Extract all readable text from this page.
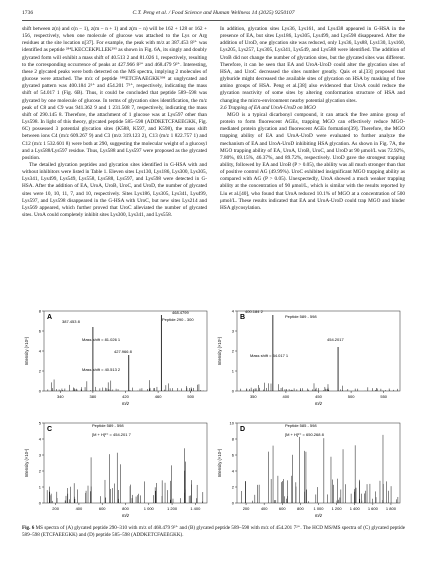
1736	C.T. Peng et al. / Food Science and Human Wellness 14 (2025) 9250107

shift between z(n) and c(n − 1), z(m − n + 1) and z(m − n) will be 162 + 128 or 162 + 156, respectively, when one molecule of glucose was attached to the Lys or Arg residues at the site location n[37]. For example, the peak with m/z at 387.453 8²⁺ was identified as peptide ²⁸⁴LKECCEKPLLEK²⁹⁵ as shown in Fig. 6A, its singly and doubly glycated form will exhibit a mass shift of 40.513 2 and 81.026 1, respectively, resulting to the corresponding occurrence of peaks at 427.966 8²⁺ and 468.479 9²⁺. Interesting, these 2 glycated peaks were both detected on the MS spectra, implying 2 molecules of glucose were attached. The m/z of peptide ⁵⁸⁹ETCFAAEGKK⁵⁹⁸ at unglycated and glycated pattern was 400.184 2²⁺ and 454.201 7²⁺, respectively, indicating the mass shift of 54.017 1 (Fig. 6B). Thus, it could be concluded that peptide 589–598 was glycated by one molecule of glucose. In terms of glycation sites identification, the m/z peak of C8 and C9 was 941.362 9 and 1 231.508 7, respectively, indicating the mass shift of 290.145 8. Therefore, the attachment of 1 glucose was at Lys597 other than Lys598. In light of this theory, glycated peptide 585–598 (ADDKETCFAEEGKK, Fig. 6C) possessed 3 potential glycation sites (K588, K597, and K598), the mass shift between ions C4 (m/z 609.267 9) and C3 (m/z 319.123 2), C13 (m/z 1 822.757 1) and C12 (m/z 1 532.601 8) were both at 290, suggesting the molecular weight of a glucosyl and a Lys588/Lys597 residue. Thus, Lys588 and Lys597 were proposed as the glycated position.

The detailed glycation peptides and glycation sites identified in G-HSA with and without inhibitors were listed in Table 1. Eleven sites Lys130, Lys186, Lys300, Lys305, Lys341, Lys499, Lys549, Lys558, Lys588, Lys597, and Lys598 were detected in G-HSA. After the addition of EA, UroA, UroB, UroC, and UroD, the number of glycated sites were 10, 10, 11, 7, and 10, respectively. Sites Lys186, Lys305, Lys341, Lys499, Lys597, and Lys598 disappeared in the G-HSA with UroC, but new sites Lys214 and Lys569 appeared, which further proved that UroC alleviated the number of glycated sites. UroA could completely inhibit sites Lys300, Lys341, and Lys558.

In addition, glycation sites Lys36, Lys161, and Lys438 appeared in G-HSA in the presence of EA, but sites Lys186, Lys305, Lys499, and Lys598 disappeared. After the addition of UroD, one glycation site was reduced, only Lys36, Lys88, Lys130, Lys160, Lys205, Lys257, Lys305, Lys341, Lys549, and Lys588 were identified. The addition of UroB did not change the number of glycation sites, but the glycated sites was different. Therefore, it can be seen that EA and UroA-UroD could alter the glycation sites of HSA, and UroC decreased the sites number greatly. Qais et al.[33] proposed that glyburide might decreased the available sites of glycation on HSA by masking of free amino groups of HSA. Peng et al.[38] also evidenced that UroA could reduce the glycation reactivity of some sites by altering conformation structure of HSA and changing the micro-environment nearby potential glycation sites.

3.6 Trapping of EA and UroA-UroD on MGO

MGO is a typical dicarbonyl compound, it can attack the free amino group of protein to form fluorescent AGEs, trapping MGO can effectively reduce MGO-mediated protein glycation and fluorescent AGEs formation[39]. Therefore, the MGO trapping ability of EA and UroA-UroD were evaluated to further analyze the mechanism of EA and UroA-UroD inhibiting HSA glycation. As shown in Fig. 7A, the MGO trapping ability of EA, UroA, UroB, UroC, and UroD at 90 μmol/L was 72.92%, 7.80%, 69.15%, 46.37%, and 89.72%, respectively. UroD gave the strongest trapping ability, followed by EA and UroB (P > 0.05), the ability was all much stronger than that of positive control AG (49.99%). UroC exhibited insignificant MGO trapping ability as compared with AG (P > 0.05). Unexpectedly, UroA showed a much weaker trapping ability at the concentration of 90 μmol/L, which is similar with the results reported by Liu et al.[40], who found that UroA reduced 10.1% of MGO at a concentration of 500 μmol/L. These results indicated that EA and UroA-UroD could trap MGO and hinder HSA glycosylation.

A
0
2
4
6
8
340	380	420	460	500
m/z
Intensity (×10⁵)
Peptide 290 - 300
Mass shift = 81.026 1
Mass shift = 40.513 2
387.453 8
427.966 8
468.4799
B
0
1
2
3
4
350	400	450	500	550
m/z
Intensity (×10⁵)
Peptide 589 - 598
Mass shift = 54.017 1
400.184 2
454.2017
C
0
1
2
3
4
5
200	400	600	800	1 000	1 200	1 400
m/z
Intensity (×10⁴)
Peptide 589 - 598
[M + H]²⁺ = 454.201 7
D
0
2
4
6
8
10
200	400	600	800 1 000 1 200 1 400 1 600 1 800
m/z
Intensity (×10⁴)
Peptide 585 - 598
[M + H]²⁺ = 650.268 8
Fig. 6 MS spectra of (A) glycated peptide 290–310 with m/z of 468.479 9²⁺ and (B) glycated peptide 589–598 with m/z of 454.201 7²⁺. The HCD MS/MS spectra of (C) glycated peptide 589–598 (ETCFAEEGKK) and (D) peptide 585–598 (ADDKETCFAEEGKK).
